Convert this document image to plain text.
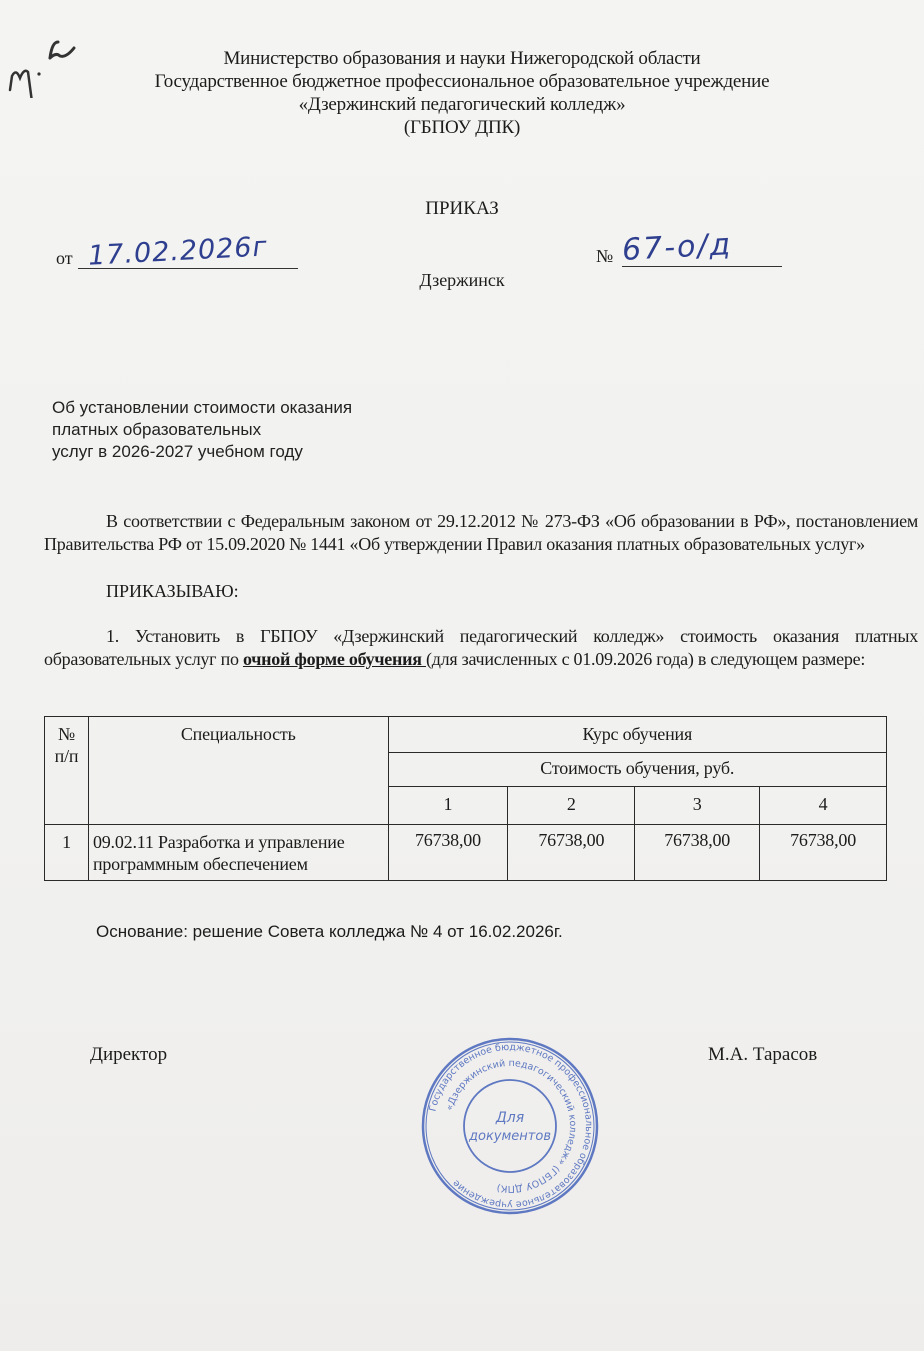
Министерство образования и науки Нижегородской области
Государственное бюджетное профессиональное образовательное учреждение
«Дзержинский педагогический колледж»
(ГБПОУ ДПК)
ПРИКАЗ
от 17.02.2026г	№ 67-о/д
Дзержинск
Об установлении стоимости оказания
платных образовательных
услуг в 2026-2027 учебном году
В соответствии с Федеральным законом от 29.12.2012 № 273-ФЗ «Об образовании в РФ», постановлением Правительства РФ от 15.09.2020 № 1441 «Об утверждении Правил оказания платных образовательных услуг»
ПРИКАЗЫВАЮ:
1. Установить в ГБПОУ «Дзержинский педагогический колледж» стоимость оказания платных образовательных услуг по очной форме обучения (для зачисленных с 01.09.2026 года) в следующем размере:
№ п/п	Специальность	Курс обучения			
		Стоимость обучения, руб.			
		1	2	3	4
1	09.02.11 Разработка и управление программным обеспечением	76738,00	76738,00	76738,00	76738,00
Основание: решение Совета колледжа № 4 от 16.02.2026г.
Директор	М.А. Тарасов
Государственное бюджетное профессиональное образовательное учреждение
«Дзержинский педагогический колледж» (ГБПОУ ДПК)
Для
документов
